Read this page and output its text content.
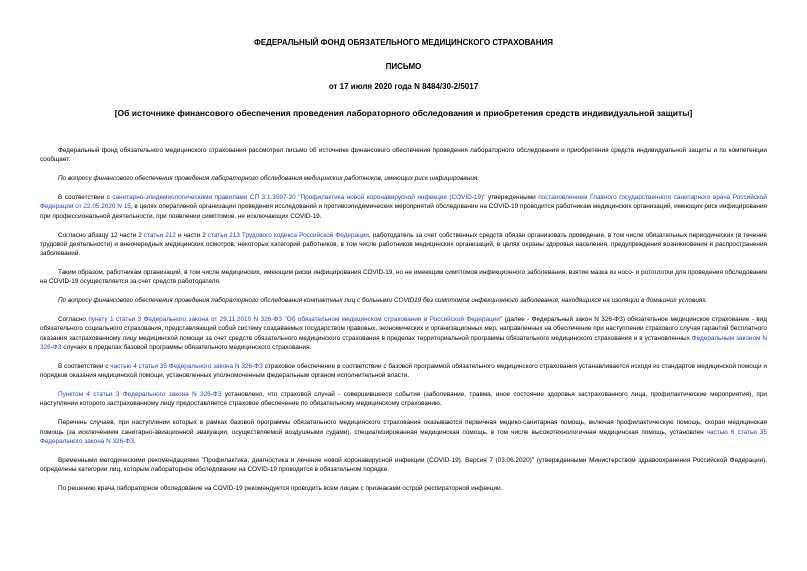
ФЕДЕРАЛЬНЫЙ ФОНД ОБЯЗАТЕЛЬНОГО МЕДИЦИНСКОГО СТРАХОВАНИЯ
ПИСЬМО
от 17 июля 2020 года N 8484/30-2/5017
[Об источнике финансового обеспечения проведения лабораторного обследования и приобретения средств индивидуальной защиты]

Федеральный фонд обязательного медицинского страхования рассмотрел письмо об источнике финансового обеспечения проведения лабораторного обследования и приобретения средств индивидуальной защиты и по компетенции сообщает.

По вопросу финансового обеспечения проведения лабораторного обследования медицинских работников, имеющих риск инфицирования.

В соответствии с санитарно-эпидемиологическими правилами СП 3.1.3597-20 "Профилактика новой коронавирусной инфекции (COVID-19)" утвержденными постановлением Главного государственного санитарного врача Российской Федерации от 22.05.2020 N 15, в целях оперативной организации проведения исследований и противоэпидемических мероприятий обследование на COVID-19 проводится работникам медицинских организаций, имеющих риск инфицирования при профессиональной деятельности, при появлении симптомов, не исключающих COVID-19.

Согласно абзацу 12 части 2 статьи 212 и части 2 статьи 213 Трудового кодекса Российской Федерации, работодатель за счет собственных средств обязан организовать проведение, в том числе обязательных периодических (в течение трудовой деятельности) и внеочередных медицинских осмотров, некоторых категорий работников, в том числе работников медицинских организаций, в целях охраны здоровья населения, предупреждения возникновения и распространения заболеваний.

Таким образом, работникам организаций, в том числе медицинских, имеющим риски инфицирования COVID-19, но не имеющим симптомов инфекционного заболевания, взятие мазка из носо- и ротоглотки для проведения обследования на COVID-19 осуществляется за счет средств работодателя.

По вопросу финансового обеспечения проведения лабораторного обследования контактных лиц с больными COVID19 без симптомов инфекционного заболевания, находящихся на изоляции в домашних условиях.

Согласно пункту 1 статьи 3 Федерального закона от 29.11.2010 N 326-ФЗ "Об обязательном медицинском страховании в Российской Федерации" (далее - Федеральный закон N 326-ФЗ) обязательное медицинское страхование - вид обязательного социального страхования, представляющий собой систему создаваемых государством правовых, экономических и организационных мер, направленных на обеспечение при наступлении страхового случая гарантий бесплатного оказания застрахованному лицу медицинской помощи за счет средств обязательного медицинского страхования в пределах территориальной программы обязательного медицинского страхования и в установленных Федеральным законом N 326-ФЗ случаях в пределах базовой программы обязательного медицинского страхования.

В соответствии с частью 4 статьи 35 Федерального закона N 326-ФЗ страховое обеспечение в соответствии с базовой программой обязательного медицинского страхования устанавливается исходя из стандартов медицинской помощи и порядков оказания медицинской помощи, установленных уполномоченным федеральным органом исполнительной власти.

Пунктом 4 статьи 3 Федерального закона N 326-ФЗ установлено, что страховой случай - совершившееся событие (заболевание, травма, иное состояние здоровья застрахованного лица, профилактические мероприятия), при наступлении которого застрахованному лицу предоставляется страховое обеспечение по обязательному медицинскому страхованию.

Перечень случаев, при наступлении которых в рамках базовой программы обязательного медицинского страхования оказываются первичная медико-санитарная помощь, включая профилактическую помощь, скорая медицинская помощь (за исключением санитарно-авиационной эвакуации, осуществляемой воздушными судами), специализированная медицинская помощь, в том числе высокотехнологичная медицинская помощь, установлен частью 6 статьи 35 Федерального закона N 326-ФЗ.

Временными методическими рекомендациями "Профилактика, диагностика и лечение новой коронавирусной инфекции (COVID-19). Версия 7 (03.06.2020)" (утвержденными Министерством здравоохранения Российской Федерации), определены категории лиц, которым лабораторное обследование на COVID-19 проводится в обязательном порядке.

По решению врача лабораторное обследование на COVID-19 рекомендуется проводить всем лицам с признаками острой респираторной инфекции.
